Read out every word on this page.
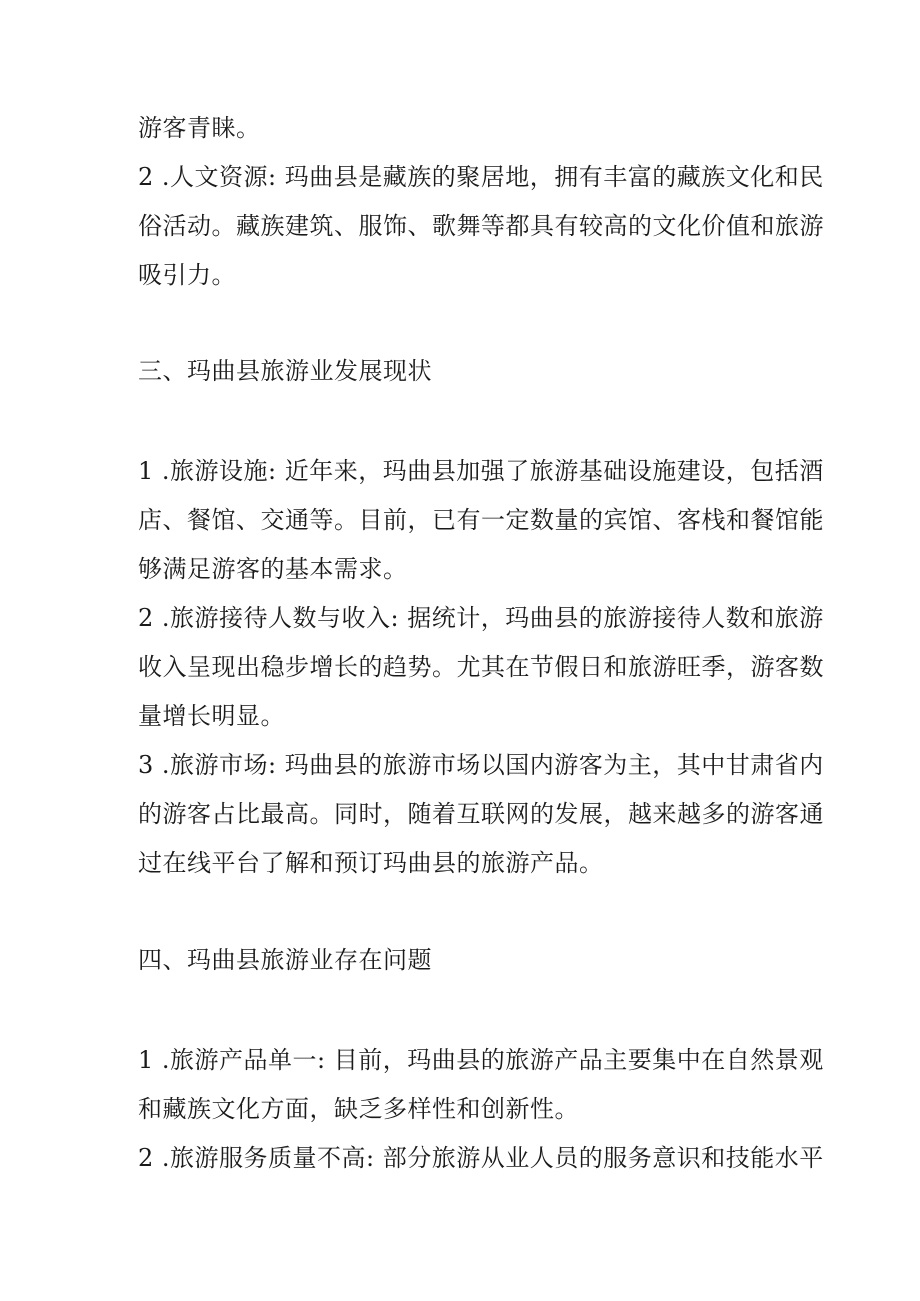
游客青睐。
2 .人文资源: 玛曲县是藏族的聚居地，拥有丰富的藏族文化和民
俗活动。藏族建筑、服饰、歌舞等都具有较高的文化价值和旅游
吸引力。
三、玛曲县旅游业发展现状
1 .旅游设施: 近年来，玛曲县加强了旅游基础设施建设，包括酒
店、餐馆、交通等。目前，已有一定数量的宾馆、客栈和餐馆能
够满足游客的基本需求。
2 .旅游接待人数与收入: 据统计，玛曲县的旅游接待人数和旅游
收入呈现出稳步增长的趋势。尤其在节假日和旅游旺季，游客数
量增长明显。
3 .旅游市场: 玛曲县的旅游市场以国内游客为主，其中甘肃省内
的游客占比最高。同时，随着互联网的发展，越来越多的游客通
过在线平台了解和预订玛曲县的旅游产品。
四、玛曲县旅游业存在问题
1 .旅游产品单一: 目前，玛曲县的旅游产品主要集中在自然景观
和藏族文化方面，缺乏多样性和创新性。
2 .旅游服务质量不高: 部分旅游从业人员的服务意识和技能水平
